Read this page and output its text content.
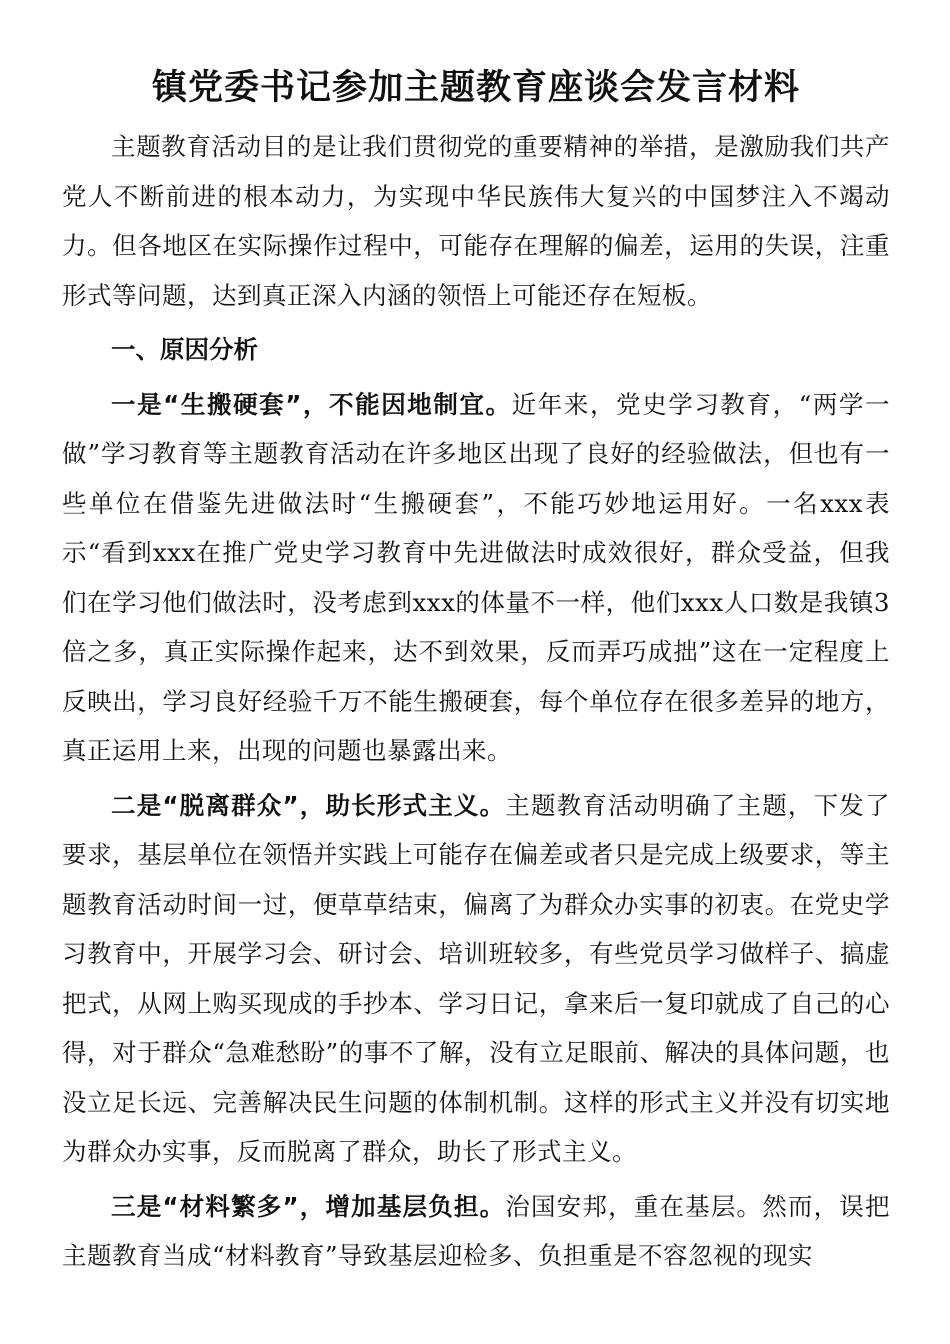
镇党委书记参加主题教育座谈会发言材料

主题教育活动目的是让我们贯彻党的重要精神的举措，是激励我们共产党人不断前进的根本动力，为实现中华民族伟大复兴的中国梦注入不竭动力。但各地区在实际操作过程中，可能存在理解的偏差，运用的失误，注重形式等问题，达到真正深入内涵的领悟上可能还存在短板。

一、原因分析

一是“生搬硬套”，不能因地制宜。近年来，党史学习教育，“两学一做”学习教育等主题教育活动在许多地区出现了良好的经验做法，但也有一些单位在借鉴先进做法时“生搬硬套”，不能巧妙地运用好。一名xxx表示“看到xxx在推广党史学习教育中先进做法时成效很好，群众受益，但我们在学习他们做法时，没考虑到xxx的体量不一样，他们xxx人口数是我镇3倍之多，真正实际操作起来，达不到效果，反而弄巧成拙”这在一定程度上反映出，学习良好经验千万不能生搬硬套，每个单位存在很多差异的地方，真正运用上来，出现的问题也暴露出来。

二是“脱离群众”，助长形式主义。主题教育活动明确了主题，下发了要求，基层单位在领悟并实践上可能存在偏差或者只是完成上级要求，等主题教育活动时间一过，便草草结束，偏离了为群众办实事的初衷。在党史学习教育中，开展学习会、研讨会、培训班较多，有些党员学习做样子、搞虚把式，从网上购买现成的手抄本、学习日记，拿来后一复印就成了自己的心得，对于群众“急难愁盼”的事不了解，没有立足眼前、解决的具体问题，也没立足长远、完善解决民生问题的体制机制。这样的形式主义并没有切实地为群众办实事，反而脱离了群众，助长了形式主义。

三是“材料繁多”，增加基层负担。治国安邦，重在基层。然而，误把主题教育当成“材料教育”导致基层迎检多、负担重是不容忽视的现实
